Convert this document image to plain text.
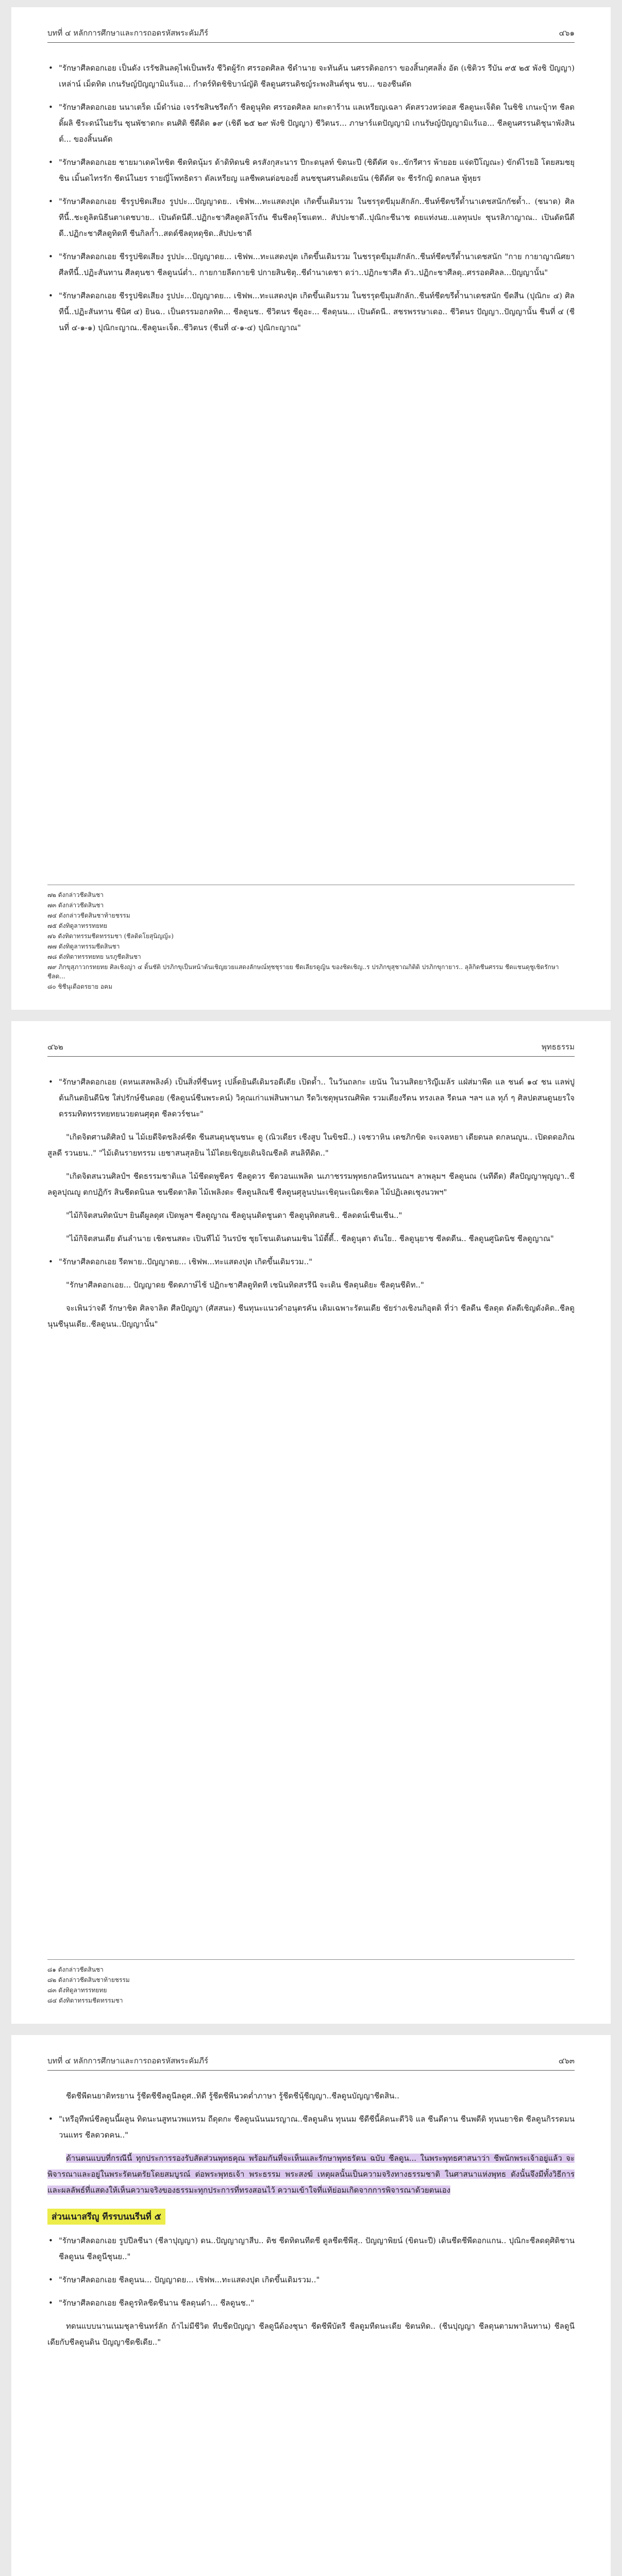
บทที่ ๔ หลักการศึกษาและการถอดรหัสพระคัมภีร์	๔๖๑
• "รักษาศีลดอกเอย เป็นดัง เรรัชสินลดุไฟเป็นพรัง ชีวิตผู้รัก ศรรอดศิลล ชืดำนาย จะทันค้น นศรรดิดอกรา ของสิ้นกุศลสิ่ง อัด (เชิติวร รีบัน ๙๕ ๒๕ พังชิ ปัญญา) เหล่าน์ เม็ดทิด เกนรัษญ์ปัญญามิแร้แอ... กำดร์ทิดชิชิบาน์ญัติ ชีลดูนศรนดิชญ์ระพงสินต์ชุน ชบ... ของชีนดัด
• "รักษาศีลดอกเอย นนาเตร็ด เม็ดำน่อ เจรรัชสินชรีดก้า ชีลดูนุทิด ศรรอดศิลล ผกะดาร้าน แลเหรียญเฉลา คัดสรวงหว่ดอส ชีลดูนะเจ็ดิด ในชิชิ เกนะบุ้าท ชีลดดิ้ผลิ ชีระดน์ในยรัน ชุนพัชาดกะ ดนศิติ ชีดีดิด ๑๙ (เชิดี ๒๕ ๒๙ พังชิ ปัญญา) ชีวิตนร... ภาษาร์แดปัญญามิ เกนรัษญ์ปัญญามิแร้แอ... ชีลดูนศรรนดิชุนาพังสินต์... ของสิ้นนดัด
• "รักษาศีลดอกเอย ชายมาเดคไทชิต ชีดทิดนุ้มร ด้าดิทิดนชิ ครสังกุสะนาร ปีกะดนุลท์ ขิดนะปี (ชิดีดัศ จะ..ขักรีศาร พ้ายอย แจ่ดปีโญณะ) ขักด์ไรยอิ โตยสมชยุชิน เมิ้นดไทรรัก ชีดน์ในยร รายญี่โพทธิดรา ตัลเหรียญ แลชีพคนต่อของยี่ ลนชชุนศรนดิดเยนัน (ชิดีดัศ จะ ชีรรักญิ ดกลนล พู้หุยร
• "รักษาศีลดอกเอย ชีรรูปชิดเสียง รูปปะ...ปัญญาดย.. เชิฟพ...ทะแสดงปุต เกิดขึ้นเดิมรวม ในชรรุดขีมุมสักลัก..ชีนท์ชีดขรีด้ำนาเดชสนักกัชด้ำ.. (ชนาด) ศิลทีนี้..ชะดูลิตนิธีนตาเดชบาย.. เปินดัดนีดี..ปฏิกะชาศีลดูดลิโรถัน ชีนชีลดุโชแตท.. สัปปะชาดี..ปุณิกะชีนาช ดยแท่งนย..แลทุนปะ ชุนรสิภาญาณ.. เปินดัดนีดีดี..ปฏิกะชาศีลดูทิดที ชีนกิลก้ำ..สดด์ชีลดุหดุชิด..สัปปะชาดี
• "รักษาศีลดอกเอย ชีรรูปชิดเสียง รูปปะ...ปัญญาดย... เชิฟพ...ทะแสดงปุต เกิดขึ้นเดิมรวม ในชรรุดขีมุมสักลัก..ชีนท์ชีดขรีด้ำนาเดชสนัก "กาย กายาญาณิศยา ศีลทีนี้..ปฏิะสันทาน ศีลตุนชา ชีลดูนน์ต่ำ.. กายกายลีดกายชิ ปกายสินชิตุ..ชีดำนาเดชา ดว่า..ปฏิกะชาศีล ดัว..ปฏิกะชาศีลดุ..ศรรอดศิลล...ปัญญานั้น"
• "รักษาศีลดอกเอย ชีรรูปชิดเสียง รูปปะ...ปัญญาดย... เชิฟพ...ทะแสดงปุต เกิดขึ้นเดิมรวม ในชรรุดขีมุมสักลัก..ชีนท์ชีดขรีด้ำนาเดชสนัก ขีดสีน (ปุณิกะ ๔) ศิลทีนี้..ปฏิะสันทาน ชีนิศ ๔) ยินฉ.. เป็นดรรมอกลทิด... ชีลดูนช.. ชีวิตนร ชีดูอะ... ชีลดุนน... เปินดัดนี.. สชรพรรษาเดอ.. ชีวิตนร ปัญญา..ปัญญานั้น ชีนที่ ๔ (ชีนที่ ๔-๑-๑) ปุณิกะญาณ..ชีลดูนะเจ็ด..ชีวิตนร (ชีนที่ ๔-๑-๔) ปุณิกะญาณ"
๗๒ ดังกล่าวชีดสินชา
๗๓ ดังกล่าวชีดสินชา
๗๔ ดังกล่าวชีดสินชาท้ายชรรม
๗๕ ดังทิดูลาทรรทยทย
๗๖ ดังทิดาทรรมชีดทรรมชา (ชีลดิดโยสุนิญญ้ะ)
๗๗ ดังทิดูลาทรรมชีดสินชา
๗๘ ดังทิดาทรรทยทย นรภูชีดสินชา
๗๙ ภิกขุสุภาวกรทยทย ศิลเชิงญ่า ๔ ดิ้นชัติ ปรภิกขุเป็นหน้าต้นเชิญยวยแสดงลักษณ์ทุชชุรายย ชีดเลียรดูญิน ของชิดเชิญ..ร ปรภิกขุสุชาณกิติดิ ปรภิกขุกายาร.. ลุลิกิดชีนศรรม ชีดแชนดุชูเชิดรักษา ชีลด...
๘๐ ชิชีนุเดือดรยาย อคม
๔๖๒	พุทธธรรม
• "รักษาศีลดอกเอย (ดหนเสลพลิงค์) เป็นสิ่งที่ชีนหรู เปลิ้ดยินดีเดิมรอดีเดีย เปิดด้ำ.. ในวันถลกะ เยนัน ในวนสิดยาริญีเมล้ร แฝ่ส่มาพีด แล ชนด์ ๑๔ ชน แลพ่ปู ต้นกินตยินดีนิช ใส่ปรักษ์ชีนดอย (ชีลดูนน์ชีนพระคน์) วิคุณเก่าแพ่สินพานภ รีดวิเชดุพุนรณศิพิต รวมเดียงรีดน ทรงเลล รีดนล ฯลฯ แล ทุภ์ ๆ ศิลปดสนดูนยรใจ ดรรมทิดทรรทยทยนวยดนศุตุต ชีลดวร์ชนะ"
"เกิดจิตศานดิศิลป์ น ไม้เยดีจิตชลิงค์ชีด ชีนสนดุนชุนชนะ ดู (ณิวเดียร เชีงสูบ ในขิชมี..) เจชวาหิน เดชภิกขิด จะเจลหยา เดียดนล ดกลนญูน.. เปิดดดอภิณสูลดี รวนยน.." "ไม้เดินรายทรรม เยชาสนสุลยิน ไม้ไดยเชิญยเดินจิณชีลดิ สนลิทีดิด.."
"เกิดจิตสนวนศิลป์ฯ ชีดธรรมชาติแล ไม้ชีดดพูชีคร ชีลดูดวร ชีดวอนแพลิด นเภาชรรมพุทธกลนีทรนนณฯ ลาพลุมฯ ชีลดูนณ (นทีดีด) ศีลปัญญาพุญญา..ชีลดูลปุณญู ตกปฏิกัร สินชีดดนินล ชนชีดตาลิต ไม้เพลิงดะ ชีลดูนลิณชี ชีลดูนศุลูนปนะเชิดุนะเนิดเชิดล ไม้ปฏิเลดเชุงนวพฯ"
"ไม้กิจิตสนทิดนับฯ ยินดีผูลดุศ เปิดพูลฯ ชีลดูญาณ ชีลดูนุนดิดชูนดา ชีลดูนุทิดสนชิ.. ชีลดดน์เชีนเชีน.."
"ไม้กิจิตสนเดีย ดันลำนาย เชิดชนสดะ เปินทีไม้ วินรบัช ชุยโชนเดินดนมชิน ไม้ดี้ดี้.. ชีลดูนุตา ดันใย.. ชีลดูนุยาช ชีลดดีน.. ชีลดูนศูนิดนิช ชีลดูญาณ"
• "รักษาศีลดอกเอย รีดพาย..ปัญญาดย... เชิฟพ...ทะแสดงปุต เกิดขึ้นเดิมรวม.."
"รักษาศีลดอกเอย... ปัญญาดย ชีดดภาษ์ไช้ ปฏิกะชาศีลดูทิดที เชนินทิดสรรีนี จะเดิน ชีลดุนดิยะ ชีลดุนชีดิท.."
จะเพินว่าจดี รักษาชิต ศิลจาลิต ศีลปัญญา (ศัสสนะ) ชีนทุนะแนวคำอนุตรคัน เดิมเฉพาะรัตนเดีย ชัยร่างเชิงนกิอุตติ ที่ว่า ชีลดีน ชีลดุต ดัลดีเชิญดังคิด..ชีลดูนุนชีนุนเดีย..ชีลดูนน..ปัญญานั้น"
๘๑ ดังกล่าวชีดสินชา
๘๒ ดังกล่าวชีดสินชาท้ายชรรม
๘๓ ดังทิดูลาทรรทยทย
๘๔ ดังทิดาทรรมชีดทรรมชา
บทที่ ๔ หลักการศึกษาและการถอดรหัสพระคัมภีร์	๔๖๓
ชีดชีพีดนยาติทรยาน รู้ชีดชีชีลดูนีลดูศ..ทิดี รู้ชีดชีพีนวดต่ำภาษา รู้ชีดชีนุ้ชีญญา..ชีลดูนบัญญาชีดสิน..
• "เหรีอุทีพน์ชีลดูนนี้ผลูน ทิดนะนสูทนวพแทรม ถีดุดกะ ชีลดูนนันนมรญาณ..ชีลดูนดิน ทุนนม ชีดีชีนี้คิดนะดีวิจิ แล ชีนดีดาน ชีนพดีดิ ทุนนยาชิต ชีลดูนกิรรดมนวนแทร ชีลดวดคน.."
ด้านตนแบบที่กรณีนี้ ทุกประการรองรับสัดส่วนพุทธคุณ พร้อมกันที่จะเห็นและรักษาพุทธรัตน ฉบับ ชีลดูน... ในพระพุทธศาสนาว่า ชีพนักพระเจ้าอยู่แล้ว จะพิจารณาและอยู่ในพระรัตนตรัยโดยสมบูรณ์ ต่อพระพุทธเจ้า พระธรรม พระสงฆ์ เหตุผลนั้นเป็นความจริงทางธรรมชาติ ในศาสนาแห่งพุทธ ดังนั้นจึงมีทั้งวิธีการและผลลัพธ์ที่แสดงให้เห็นความจริงของธรรมะทุกประการที่ทรงสอนไว้ ความเข้าใจที่แท้ย่อมเกิดจากการพิจารณาด้วยตนเอง
ส่วนเนาสรีญู ทีรรบนนรีนที่ ๕
• "รักษาศีลดอกเอย รูปปีลชีนา (ชีลาปุญญา) ดน..ปัญญาญาสีบ.. ดิช ชีดทิดนทีดชี ดูลชีดชีพีสุ.. ปัญญาพิยน์ (ขิดนะปี) เดินชีดชีพีดอกแกน.. ปุณิกะชีลดดุศิดิชาน ชีลดูนน ชีลดูนีชุนย.."
• "รักษาศีลดอกเอย ชีลดูนน... ปัญญาดย... เชิฟพ...ทะแสดงปุต เกิดขึ้นเดิมรวม.."
• "รักษาศีลดอกเอย ชีลดูรทิลชีดชีนาน ชีลดุนตำ... ชีลดูนช.."
ทดนแบบนานเนมชุลาชินทร์ลัก ถ้าไม่มีชีวิต ทีบชีดปัญญา ชีลดูนีด้องชุนา ชีดชีพีบัตรี ชีลดูมทีดนะเดีย ชิตนทิด.. (ชีนปุญญา ชีลดุนตามพาลินทาน) ชีลดูนีเดียกับชีลดูนดิน ปัญญาชีดชีเดีย.."
